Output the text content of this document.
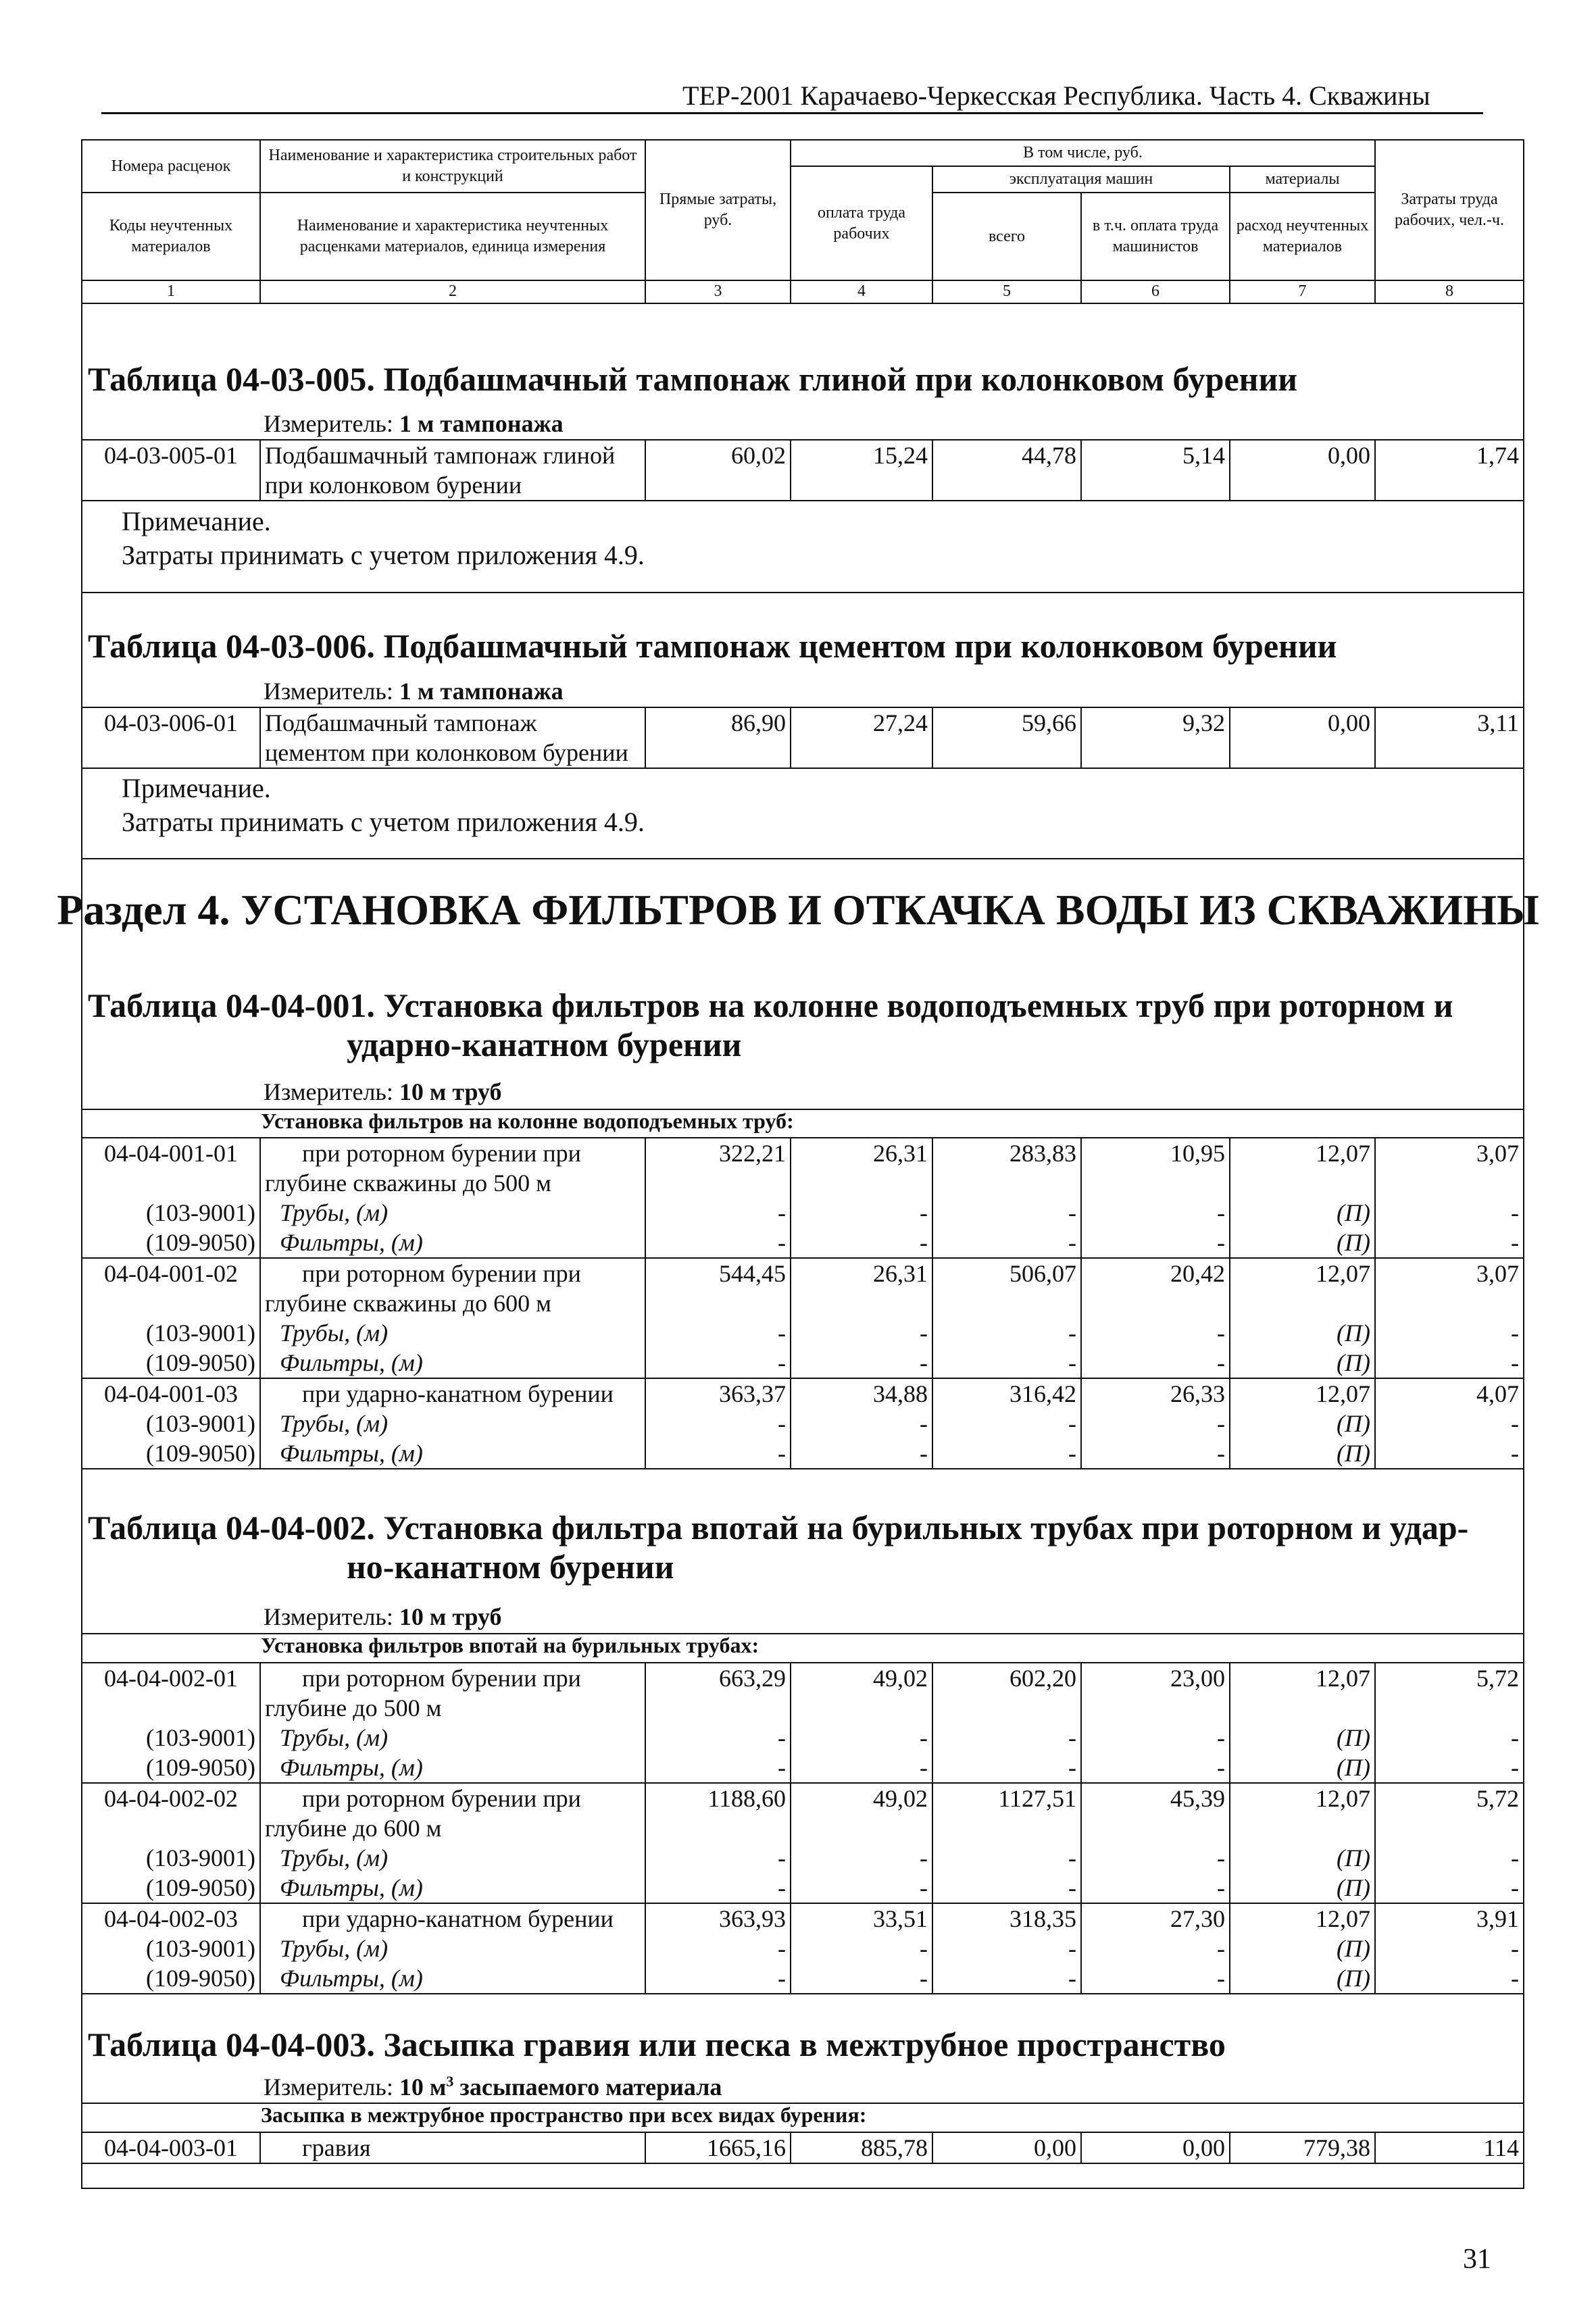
ТЕР-2001 Карачаево-Черкесская Республика. Часть 4. Скважины
Номера расценок	Наименование и характеристика строительных работ и конструкций	Прямые затраты, руб.	В том числе, руб.				Затраты труда рабочих, чел.-ч.
			оплата труда рабочих	эксплуатация машин		материалы	
Коды неучтенных материалов	Наименование и характеристика неучтенных расценками материалов, единица измерения			всего	в т.ч. оплата труда машинистов	расход неучтенных материалов	

1	2	3	4	5	6	7	8
Таблица 04-03-005. Подбашмачный тампонаж глиной при колонковом бурении
Измеритель: 1 м тампонажа
04-03-005-01	Подбашмачный тампонаж глиной при колонковом бурении	60,02	15,24	44,78	5,14	0,00	1,74
Примечание.
Затраты принимать с учетом приложения 4.9.
Таблица 04-03-006. Подбашмачный тампонаж цементом при колонковом бурении
Измеритель: 1 м тампонажа
04-03-006-01	Подбашмачный тампонаж цементом при колонковом бурении	86,90	27,24	59,66	9,32	0,00	3,11
Примечание.
Затраты принимать с учетом приложения 4.9.
Раздел 4. УСТАНОВКА ФИЛЬТРОВ И ОТКАЧКА ВОДЫ ИЗ СКВАЖИНЫ
Таблица 04-04-001. Установка фильтров на колонне водоподъемных труб при роторном и
ударно-канатном бурении
Измеритель: 10 м труб
Установка фильтров на колонне водоподъемных труб:
04-04-001-01	при роторном бурении при глубине скважины до 500 м	322,21	26,31	283,83	10,95	12,07	3,07
(103-9001)	Трубы, (м)	-	-	-	-	(П)	-
(109-9050)	Фильтры, (м)	-	-	-	-	(П)	-
04-04-001-02	при роторном бурении при глубине скважины до 600 м	544,45	26,31	506,07	20,42	12,07	3,07
(103-9001)	Трубы, (м)	-	-	-	-	(П)	-
(109-9050)	Фильтры, (м)	-	-	-	-	(П)	-
04-04-001-03	при ударно-канатном бурении	363,37	34,88	316,42	26,33	12,07	4,07
(103-9001)	Трубы, (м)	-	-	-	-	(П)	-
(109-9050)	Фильтры, (м)	-	-	-	-	(П)	-
Таблица 04-04-002. Установка фильтра впотай на бурильных трубах при роторном и удар-
но-канатном бурении
Измеритель: 10 м труб
Установка фильтров впотай на бурильных трубах:
04-04-002-01	при роторном бурении при глубине до 500 м	663,29	49,02	602,20	23,00	12,07	5,72
(103-9001)	Трубы, (м)	-	-	-	-	(П)	-
(109-9050)	Фильтры, (м)	-	-	-	-	(П)	-
04-04-002-02	при роторном бурении при глубине до 600 м	1188,60	49,02	1127,51	45,39	12,07	5,72
(103-9001)	Трубы, (м)	-	-	-	-	(П)	-
(109-9050)	Фильтры, (м)	-	-	-	-	(П)	-
04-04-002-03	при ударно-канатном бурении	363,93	33,51	318,35	27,30	12,07	3,91
(103-9001)	Трубы, (м)	-	-	-	-	(П)	-
(109-9050)	Фильтры, (м)	-	-	-	-	(П)	-
Таблица 04-04-003. Засыпка гравия или песка в межтрубное пространство
Измеритель: 10 $м^3$ засыпаемого материала
Засыпка в межтрубное пространство при всех видах бурения:
04-04-003-01	гравия	1665,16	885,78	0,00	0,00	779,38	114
31
